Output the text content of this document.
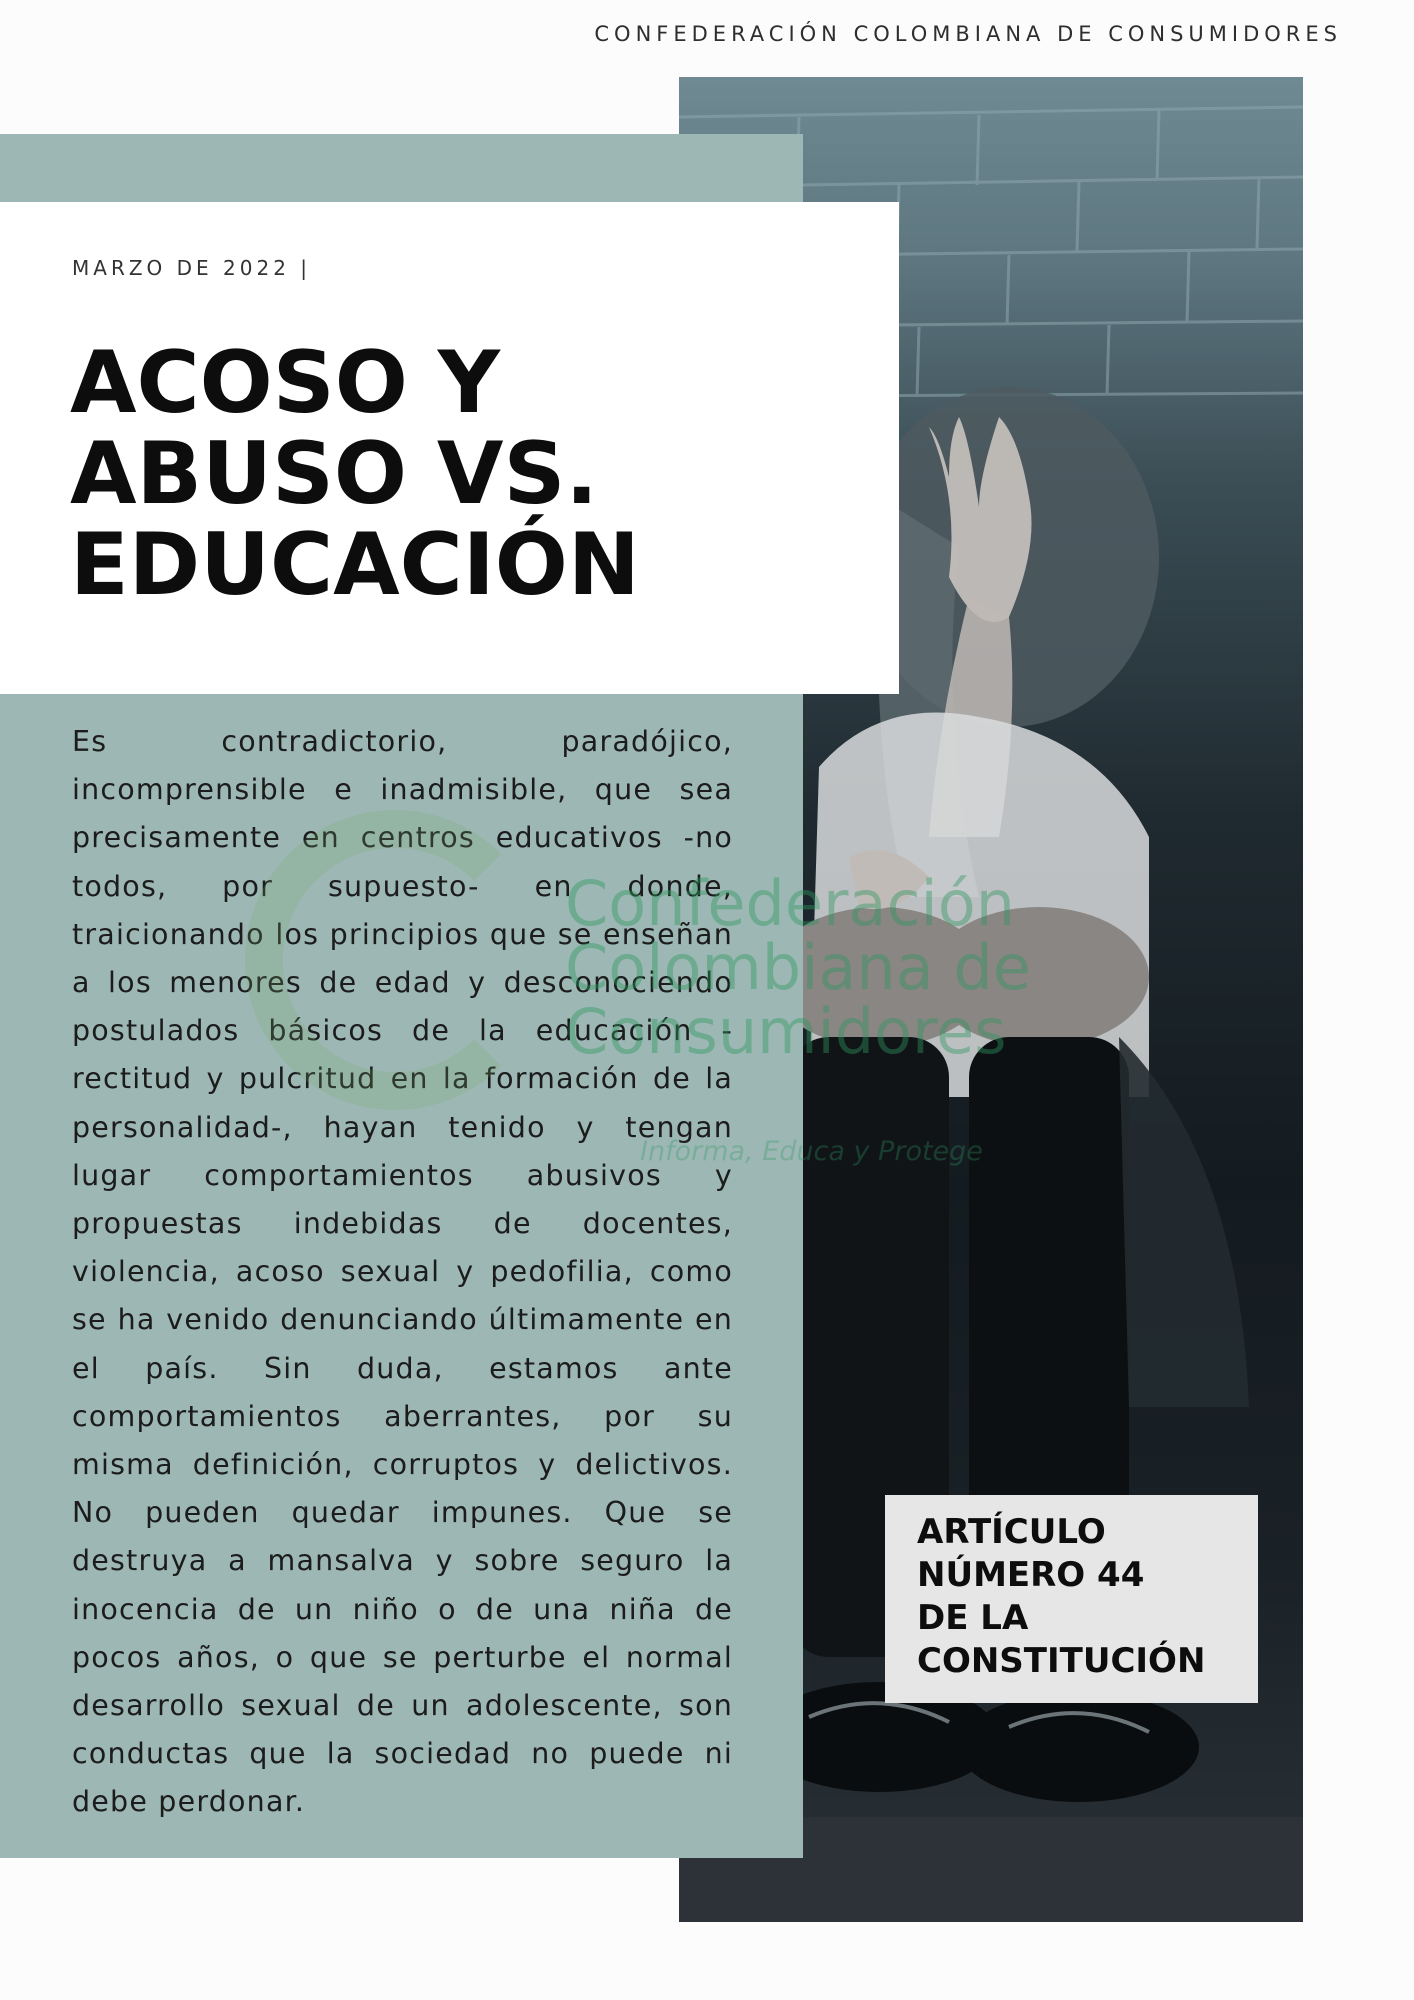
CONFEDERACIÓN COLOMBIANA DE CONSUMIDORES
MARZO DE 2022 |
ACOSO Y
ABUSO VS.
EDUCACIÓN

Es contradictorio, paradójico, incomprensible e inadmisible, que sea precisamente en centros educativos -no todos, por supuesto- en donde, traicionando los principios que se enseñan a los menores de edad y desconociendo postulados básicos de la educación -rectitud y pulcritud en la formación de la personalidad-, hayan tenido y tengan lugar comportamientos abusivos y propuestas indebidas de docentes, violencia, acoso sexual y pedofilia, como se ha venido denunciando últimamente en el país. Sin duda, estamos ante comportamientos aberrantes, por su misma definición, corruptos y delictivos. No pueden quedar impunes. Que se destruya a mansalva y sobre seguro la inocencia de un niño o de una niña de pocos años, o que se perturbe el normal desarrollo sexual de un adolescente, son conductas que la sociedad no puede ni debe perdonar.

Confederación
Colombiana de
Consumidores
Informa, Educa y Protege

ARTÍCULO
NÚMERO 44
DE LA
CONSTITUCIÓN
